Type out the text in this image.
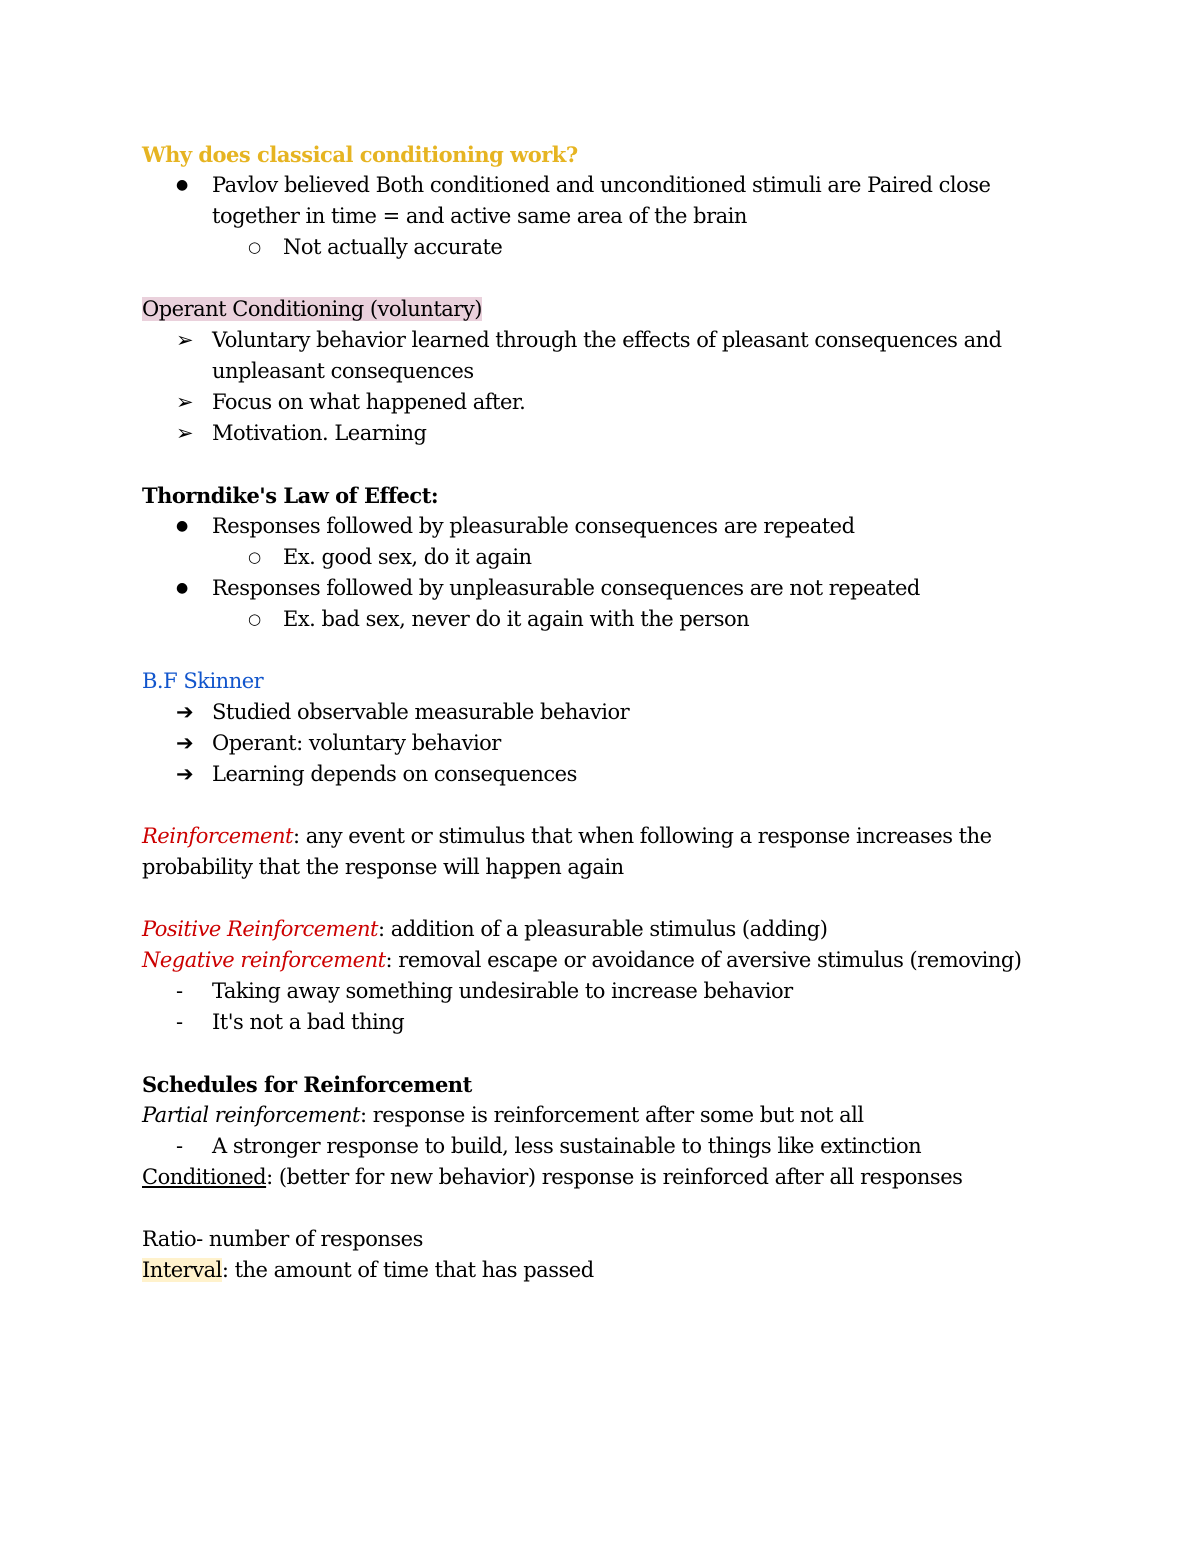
Why does classical conditioning work?
● Pavlov believed Both conditioned and unconditioned stimuli are Paired close
together in time = and active same area of the brain
○ Not actually accurate
Operant Conditioning (voluntary)
➢ Voluntary behavior learned through the effects of pleasant consequences and
unpleasant consequences
➢ Focus on what happened after.
➢ Motivation. Learning
Thorndike's Law of Effect:
● Responses followed by pleasurable consequences are repeated
○ Ex. good sex, do it again
● Responses followed by unpleasurable consequences are not repeated
○ Ex. bad sex, never do it again with the person
B.F Skinner
➔ Studied observable measurable behavior
➔ Operant: voluntary behavior
➔ Learning depends on consequences
Reinforcement: any event or stimulus that when following a response increases the
probability that the response will happen again
Positive Reinforcement: addition of a pleasurable stimulus (adding)
Negative reinforcement: removal escape or avoidance of aversive stimulus (removing)
- Taking away something undesirable to increase behavior
- It's not a bad thing
Schedules for Reinforcement
Partial reinforcement: response is reinforcement after some but not all
- A stronger response to build, less sustainable to things like extinction
Conditioned: (better for new behavior) response is reinforced after all responses
Ratio- number of responses
Interval: the amount of time that has passed
